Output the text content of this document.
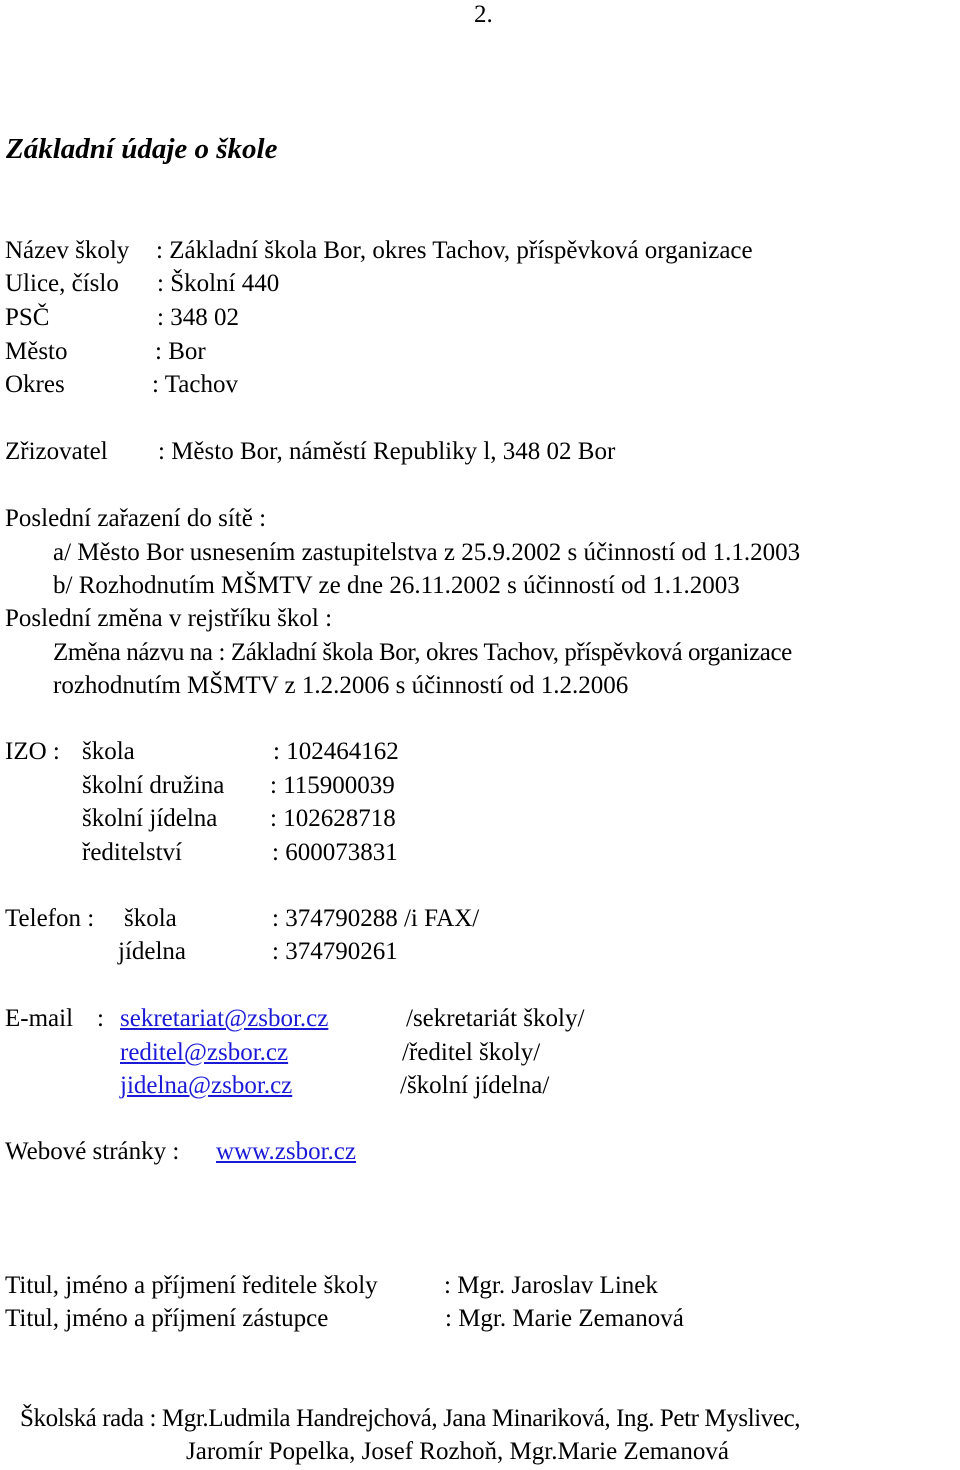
2.
Základní údaje o škole
Název školy : Základní škola Bor, okres Tachov, příspěvková organizace
Ulice, číslo : Školní 440
PSČ	: 348 02
Město	: Bor
Okres	: Tachov
Zřizovatel : Město Bor, náměstí Republiky l, 348 02 Bor
Poslední zařazení do sítě :
a/ Město Bor usnesením zastupitelstva z 25.9.2002 s účinností od 1.1.2003
b/ Rozhodnutím MŠMTV ze dne 26.11.2002 s účinností od 1.1.2003
Poslední změna v rejstříku škol :
Změna názvu na : Základní škola Bor, okres Tachov, příspěvková organizace
rozhodnutím MŠMTV z 1.2.2006 s účinností od 1.2.2006
IZO : škola	: 102464162
školní družina : 115900039
školní jídelna : 102628718
ředitelství	: 600073831
Telefon : škola	: 374790288 /i FAX/
jídelna	: 374790261
E-mail : sekretariat@zsbor.cz	/sekretariát školy/
reditel@zsbor.cz	/ředitel školy/
jidelna@zsbor.cz	/školní jídelna/
Webové stránky : www.zsbor.cz
Titul, jméno a příjmení ředitele školy	: Mgr. Jaroslav Linek
Titul, jméno a příjmení zástupce	: Mgr. Marie Zemanová
Školská rada : Mgr.Ludmila Handrejchová, Jana Minariková, Ing. Petr Myslivec,
Jaromír Popelka, Josef Rozhoň, Mgr.Marie Zemanová
